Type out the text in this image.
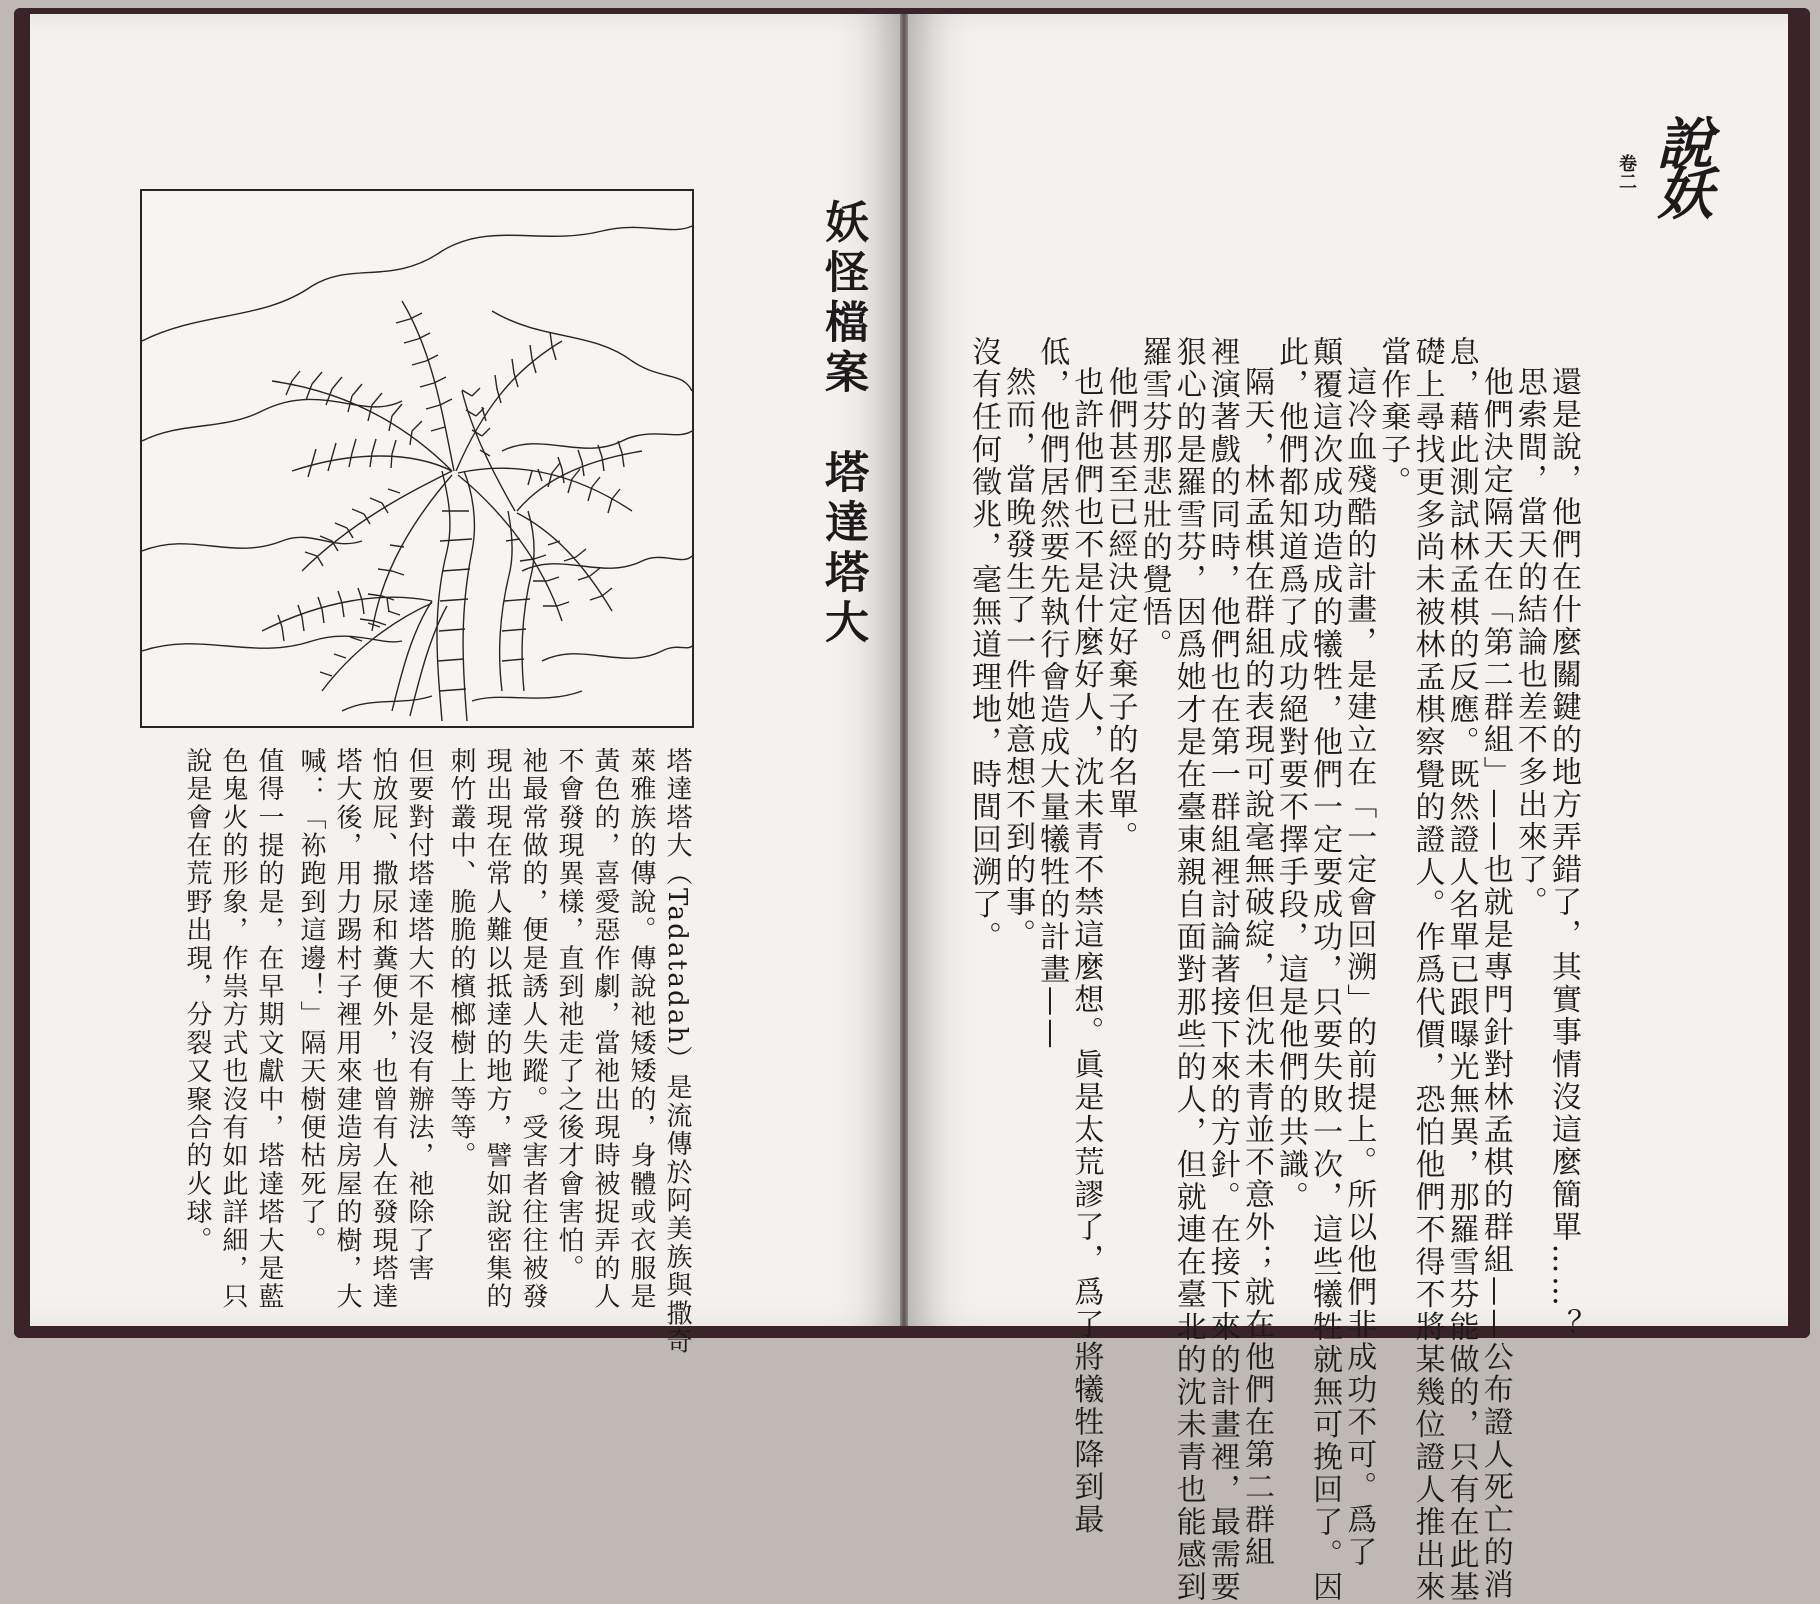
妖怪檔案　塔達塔大
塔達塔大（Tadatadah）是流傳於阿美族與撒奇
萊雅族的傳說。傳說祂矮矮的，身體或衣服是
黃色的，喜愛惡作劇，當祂出現時被捉弄的人
不會發現異樣，直到祂走了之後才會害怕。
祂最常做的，便是誘人失蹤。受害者往往被發
現出現在常人難以抵達的地方，譬如說密集的
刺竹叢中、脆脆的檳榔樹上等等。
但要對付塔達塔大不是沒有辦法，祂除了害
怕放屁、撒尿和糞便外，也曾有人在發現塔達
塔大後，用力踢村子裡用來建造房屋的樹，大
喊：「袮跑到這邊！」隔天樹便枯死了。
值得一提的是，在早期文獻中，塔達塔大是藍
色鬼火的形象，作祟方式也沒有如此詳細，只
說是會在荒野出現，分裂又聚合的火球。
說妖
卷二
還是說，他們在什麼關鍵的地方弄錯了，其實事情沒這麼簡單……？
思索間，當天的結論也差不多出來了。
他們決定隔天在「第二群組」——也就是專門針對林孟棋的群組——公布證人死亡的消
息，藉此測試林孟棋的反應。既然證人名單已跟曝光無異，那羅雪芬能做的，只有在此基
礎上尋找更多尚未被林孟棋察覺的證人。作爲代價，恐怕他們不得不將某幾位證人推出來
當作棄子。
這冷血殘酷的計畫，是建立在「一定會回溯」的前提上。所以他們非成功不可。爲了
顛覆這次成功造成的犧牲，他們一定要成功，只要失敗一次，這些犧牲就無可挽回了。因
此，他們都知道爲了成功絕對要不擇手段，這是他們的共識。
隔天，林孟棋在群組的表現可說毫無破綻，但沈未青並不意外；就在他們在第二群組
裡演著戲的同時，他們也在第一群組裡討論著接下來的方針。在接下來的計畫裡，最需要
狠心的是羅雪芬，因爲她才是在臺東親自面對那些的人，但就連在臺北的沈未青也能感到
羅雪芬那悲壯的覺悟。
他們甚至已經決定好棄子的名單。
也許他們也不是什麼好人，沈未青不禁這麼想。眞是太荒謬了，爲了將犧牲降到最
低，他們居然要先執行會造成大量犧牲的計畫——
然而，當晚發生了一件她意想不到的事。
沒有任何徵兆，毫無道理地，時間回溯了。
